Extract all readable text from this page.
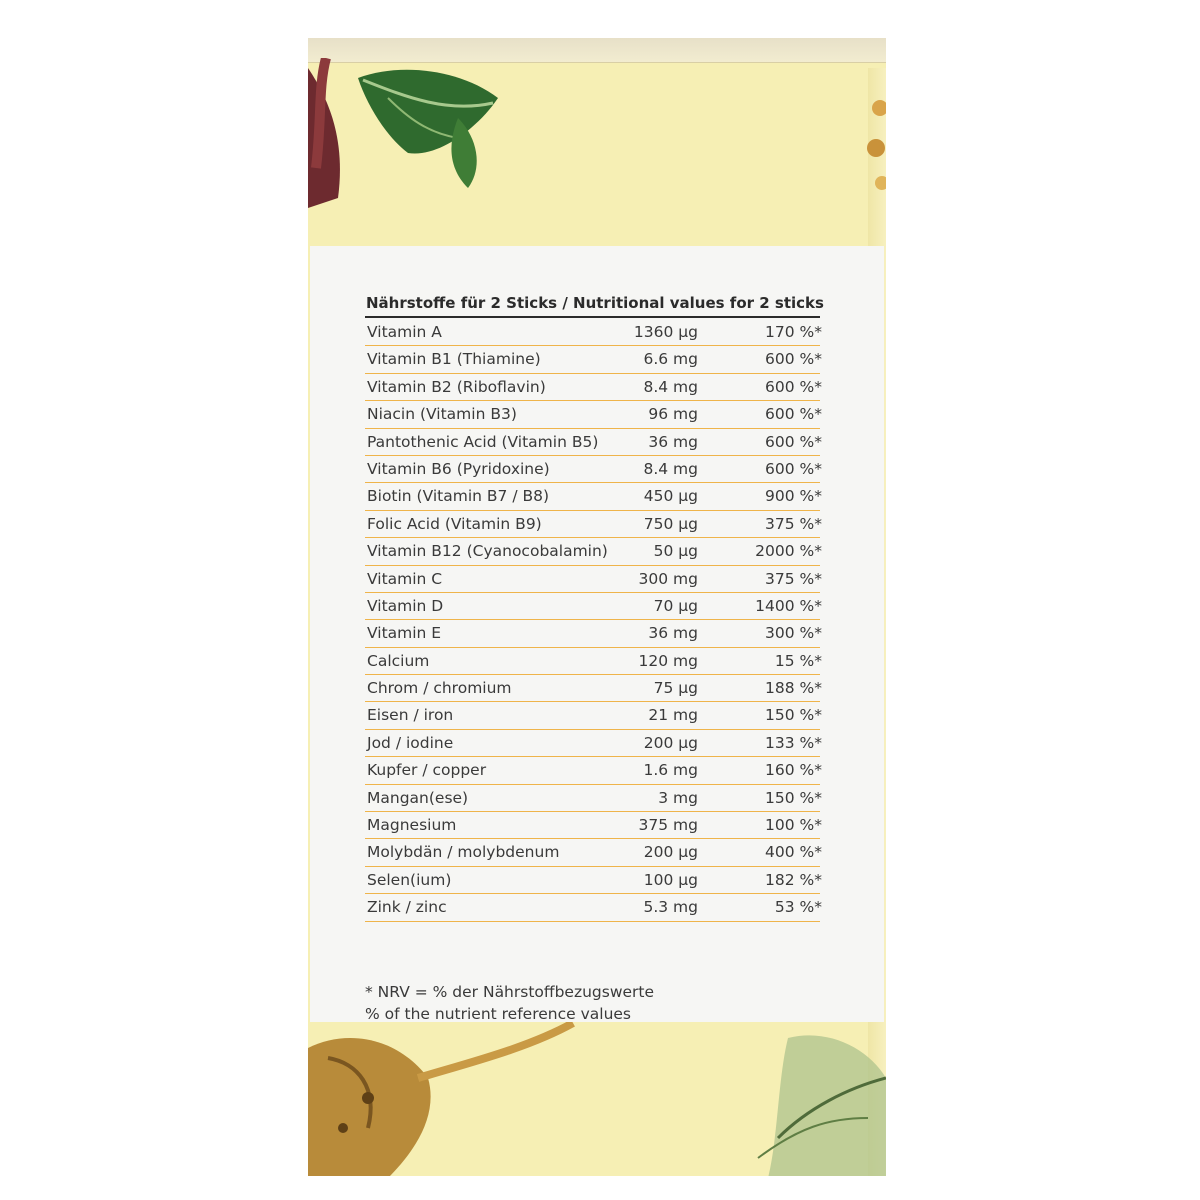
Nährstoffe für 2 Sticks / Nutritional values for 2 sticks
Vitamin A	1360 µg	170 %*
Vitamin B1 (Thiamine)	6.6 mg	600 %*
Vitamin B2 (Riboflavin)	8.4 mg	600 %*
Niacin (Vitamin B3)	96 mg	600 %*
Pantothenic Acid (Vitamin B5)	36 mg	600 %*
Vitamin B6 (Pyridoxine)	8.4 mg	600 %*
Biotin (Vitamin B7 / B8)	450 µg	900 %*
Folic Acid (Vitamin B9)	750 µg	375 %*
Vitamin B12 (Cyanocobalamin)	50 µg	2000 %*
Vitamin C	300 mg	375 %*
Vitamin D	70 µg	1400 %*
Vitamin E	36 mg	300 %*
Calcium	120 mg	15 %*
Chrom / chromium	75 µg	188 %*
Eisen / iron	21 mg	150 %*
Jod / iodine	200 µg	133 %*
Kupfer / copper	1.6 mg	160 %*
Mangan(ese)	3 mg	150 %*
Magnesium	375 mg	100 %*
Molybdän / molybdenum	200 µg	400 %*
Selen(ium)	100 µg	182 %*
Zink / zinc	5.3 mg	53 %*
* NRV = % der Nährstoffbezugswerte
% of the nutrient reference values
